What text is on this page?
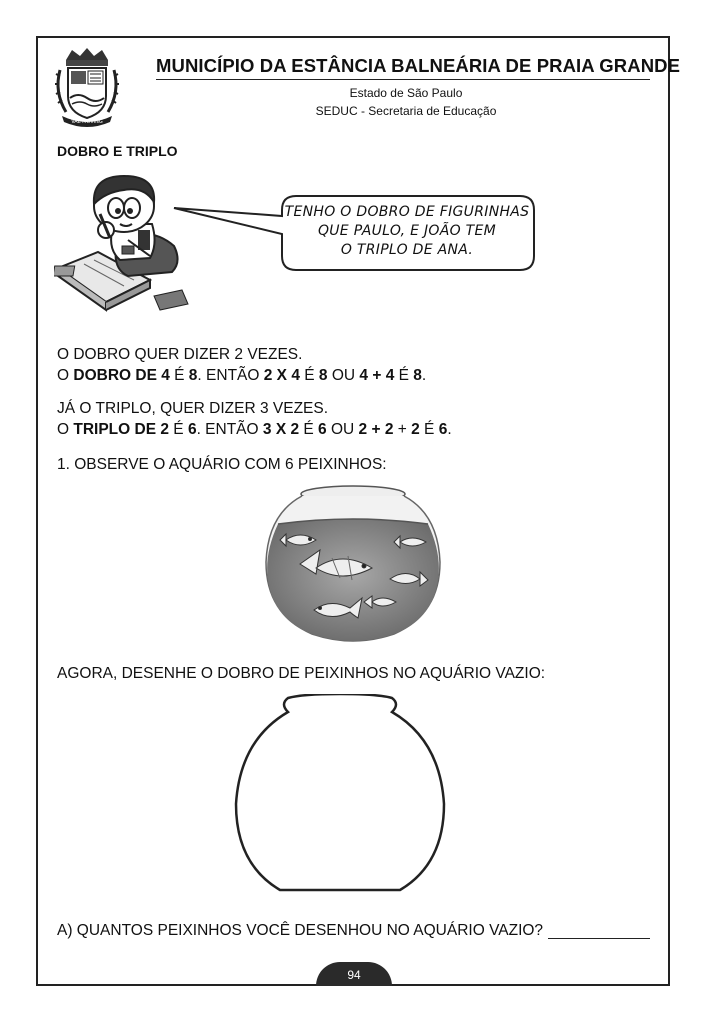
VAL MOVING
MUNICÍPIO DA ESTÂNCIA BALNEÁRIA DE PRAIA GRANDE
Estado de São Paulo
SEDUC - Secretaria de Educação
DOBRO E TRIPLO
TENHO O DOBRO DE FIGURINHAS
QUE PAULO, E JOÃO TEM
O TRIPLO DE ANA.
O DOBRO QUER DIZER 2 VEZES.
O DOBRO DE 4 É 8. ENTÃO 2 X 4 É 8 OU 4 + 4 É 8.
JÁ O TRIPLO, QUER DIZER 3 VEZES.
O TRIPLO DE 2 É 6. ENTÃO 3 X 2 É 6 OU 2 + 2 + 2 É 6.
1. OBSERVE O AQUÁRIO COM 6 PEIXINHOS:
AGORA, DESENHE O DOBRO DE PEIXINHOS NO AQUÁRIO VAZIO:
A) QUANTOS PEIXINHOS VOCÊ DESENHOU NO AQUÁRIO VAZIO?
94
